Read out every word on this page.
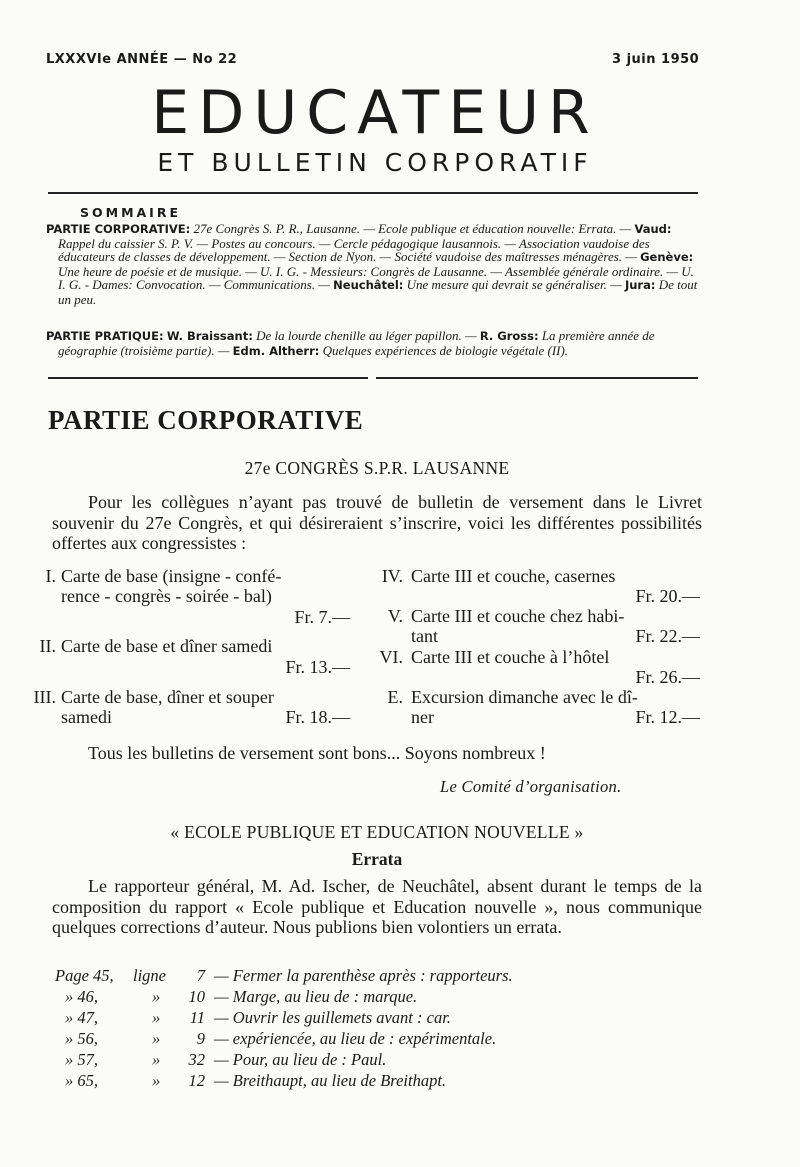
LXXXVIe ANNÉE — No 22	3 juin 1950
EDUCATEUR
ET BULLETIN CORPORATIF
SOMMAIRE
PARTIE CORPORATIVE: 27e Congrès S. P. R., Lausanne. — Ecole publique et éducation nouvelle: Errata. — Vaud: Rappel du caissier S. P. V. — Postes au concours. — Cercle pédagogique lausannois. — Association vaudoise des éducateurs de classes de développement. — Section de Nyon. — Société vaudoise des maîtresses ménagères. — Genève: Une heure de poésie et de musique. — U. I. G. - Messieurs: Congrès de Lausanne. — Assemblée générale ordinaire. — U. I. G. - Dames: Convocation. — Communications. — Neuchâtel: Une mesure qui devrait se généraliser. — Jura: De tout un peu.
PARTIE PRATIQUE: W. Braissant: De la lourde chenille au léger papillon. — R. Gross: La première année de géographie (troisième partie). — Edm. Altherr: Quelques expériences de biologie végétale (II).
PARTIE CORPORATIVE
27e CONGRÈS S.P.R. LAUSANNE
Pour les collègues n’ayant pas trouvé de bulletin de versement dans le Livret souvenir du 27e Congrès, et qui désireraient s’inscrire, voici les différentes possibilités offertes aux congressistes :
I. Carte de base (insigne - confé-
rence - congrès - soirée - bal)
Fr. 7.—
II. Carte de base et dîner samedi
Fr. 13.—
III. Carte de base, dîner et souper
samedi	Fr. 18.—
IV. Carte III et couche, casernes
Fr. 20.—
V. Carte III et couche chez habi-
tant	Fr. 22.—
VI. Carte III et couche à l’hôtel
Fr. 26.—
E. Excursion dimanche avec le dî-
ner	Fr. 12.—
Tous les bulletins de versement sont bons... Soyons nombreux !
Le Comité d’organisation.
« ECOLE PUBLIQUE ET EDUCATION NOUVELLE »
Errata
Le rapporteur général, M. Ad. Ischer, de Neuchâtel, absent durant le temps de la composition du rapport « Ecole publique et Education nouvelle », nous communique quelques corrections d’auteur. Nous publions bien volontiers un errata.
Page 45, ligne	7 — Fermer la parenthèse après : rapporteurs.
» 46,	»	10 — Marge, au lieu de : marque.
» 47,	»	11 — Ouvrir les guillemets avant : car.
» 56,	»	9 — expériencée, au lieu de : expérimentale.
» 57,	»	32 — Pour, au lieu de : Paul.
» 65,	»	12 — Breithaupt, au lieu de Breithapt.
